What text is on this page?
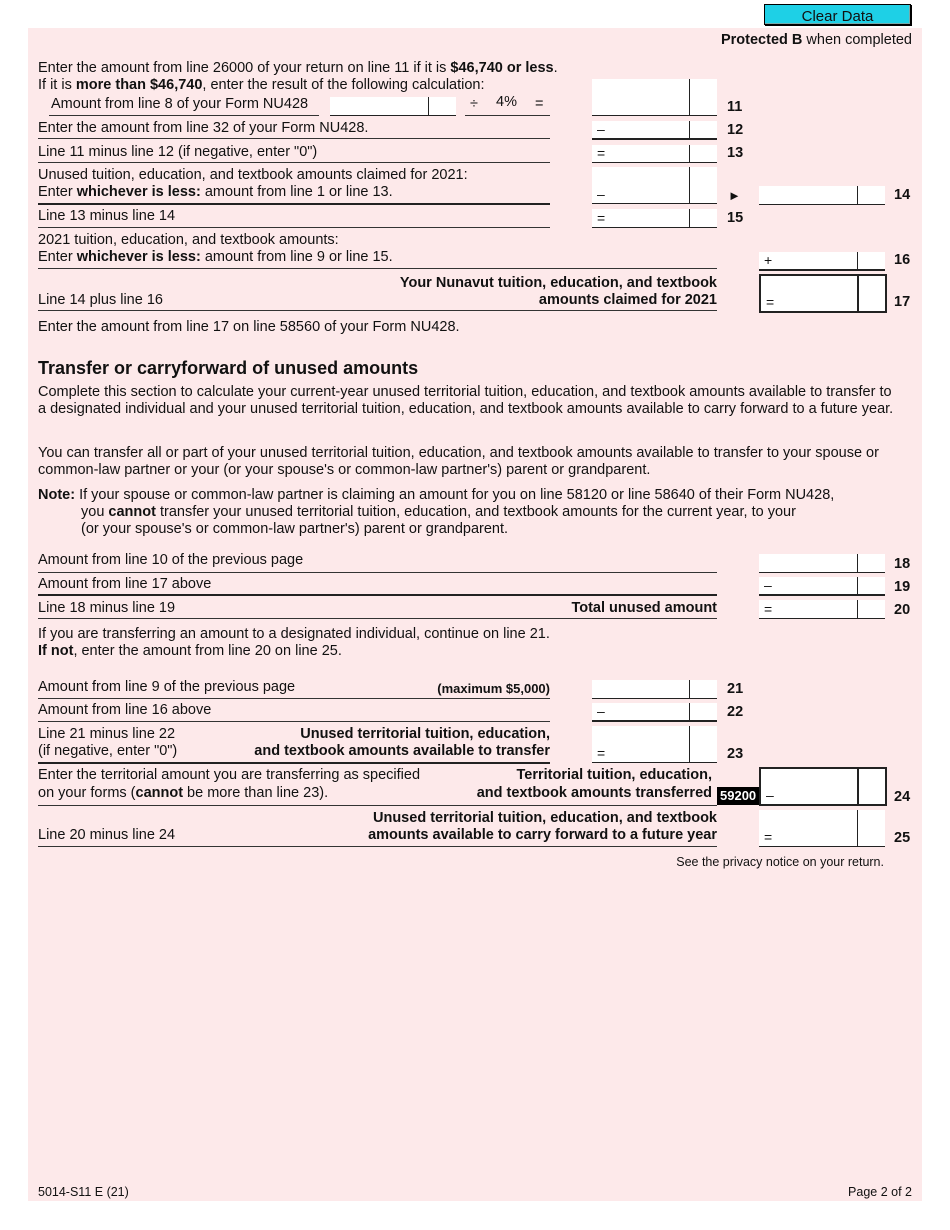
Clear Data
Protected B when completed
Enter the amount from line 26000 of your return on line 11 if it is $46,740 or less.
If it is more than $46,740, enter the result of the following calculation:
Amount from line 8 of your Form NU428	÷ 4% =	11
Enter the amount from line 32 of your Form NU428.	–	12
Line 11 minus line 12 (if negative, enter "0")	=	13
Unused tuition, education, and textbook amounts claimed for 2021:
Enter whichever is less: amount from line 1 or line 13.	–	►	14
Line 13 minus line 14	=	15
2021 tuition, education, and textbook amounts:
Enter whichever is less: amount from line 9 or line 15.	+	16
Your Nunavut tuition, education, and textbook
amounts claimed for 2021
Line 14 plus line 16	=	17
Enter the amount from line 17 on line 58560 of your Form NU428.
Transfer or carryforward of unused amounts
Complete this section to calculate your current-year unused territorial tuition, education, and textbook amounts available to transfer to a designated individual and your unused territorial tuition, education, and textbook amounts available to carry forward to a future year.
You can transfer all or part of your unused territorial tuition, education, and textbook amounts available to transfer to your spouse or common-law partner or your (or your spouse's or common-law partner's) parent or grandparent.
Note: If your spouse or common-law partner is claiming an amount for you on line 58120 or line 58640 of their Form NU428,
you cannot transfer your unused territorial tuition, education, and textbook amounts for the current year, to your
(or your spouse's or common-law partner's) parent or grandparent.
Amount from line 10 of the previous page	18
Amount from line 17 above	–	19
Line 18 minus line 19	Total unused amount	=	20
If you are transferring an amount to a designated individual, continue on line 21.
If not, enter the amount from line 20 on line 25.
Amount from line 9 of the previous page	(maximum $5,000)	21
Amount from line 16 above	–	22
Line 21 minus line 22
(if negative, enter "0")
Unused territorial tuition, education,
and textbook amounts available to transfer	=	23
Enter the territorial amount you are transferring as specified
on your forms (cannot be more than line 23).
Territorial tuition, education,
and textbook amounts transferred 59200 –	24
Unused territorial tuition, education, and textbook
amounts available to carry forward to a future year
Line 20 minus line 24	=	25
See the privacy notice on your return.
5014-S11 E (21)	Page 2 of 2
